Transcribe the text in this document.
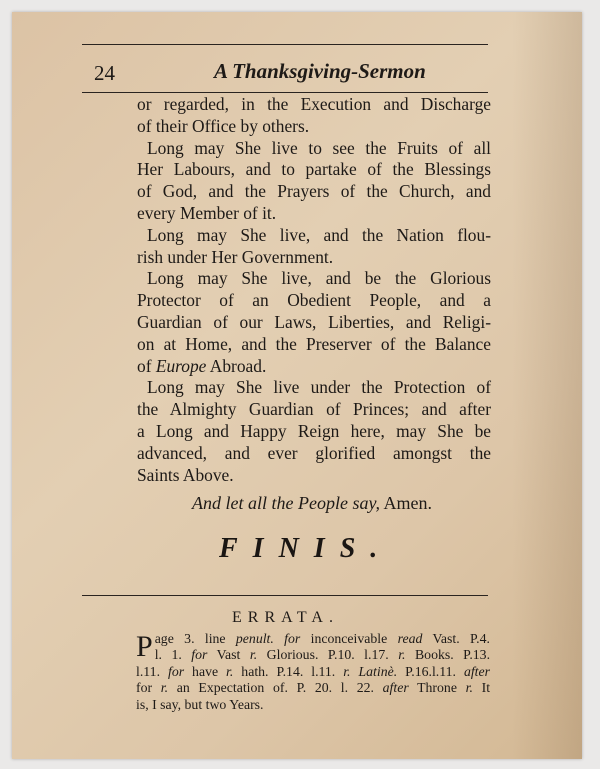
24	A Thanksgiving-Sermon
or regarded, in the Execution and Discharge
of their Office by others.
Long may She live to see the Fruits of all
Her Labours, and to partake of the Blessings
of God, and the Prayers of the Church, and
every Member of it.
Long may She live, and the Nation flou-
rish under Her Government.
Long may She live, and be the Glorious
Protector of an Obedient People, and a
Guardian of our Laws, Liberties, and Religi-
on at Home, and the Preserver of the Balance
of Europe Abroad.
Long may She live under the Protection of
the Almighty Guardian of Princes; and after
a Long and Happy Reign here, may She be
advanced, and ever glorified amongst the
Saints Above.
And let all the People say, Amen.
FINIS.
ERRATA.
P age 3. line penult. for inconceivable read Vast. P.4.
l. 1. for Vast r. Glorious. P.10. l.17. r. Books. P.13.
l.11. for have r. hath. P.14. l.11. r. Latinè. P.16.l.11. after
for r. an Expectation of. P. 20. l. 22. after Throne r. It
is, I say, but two Years.
